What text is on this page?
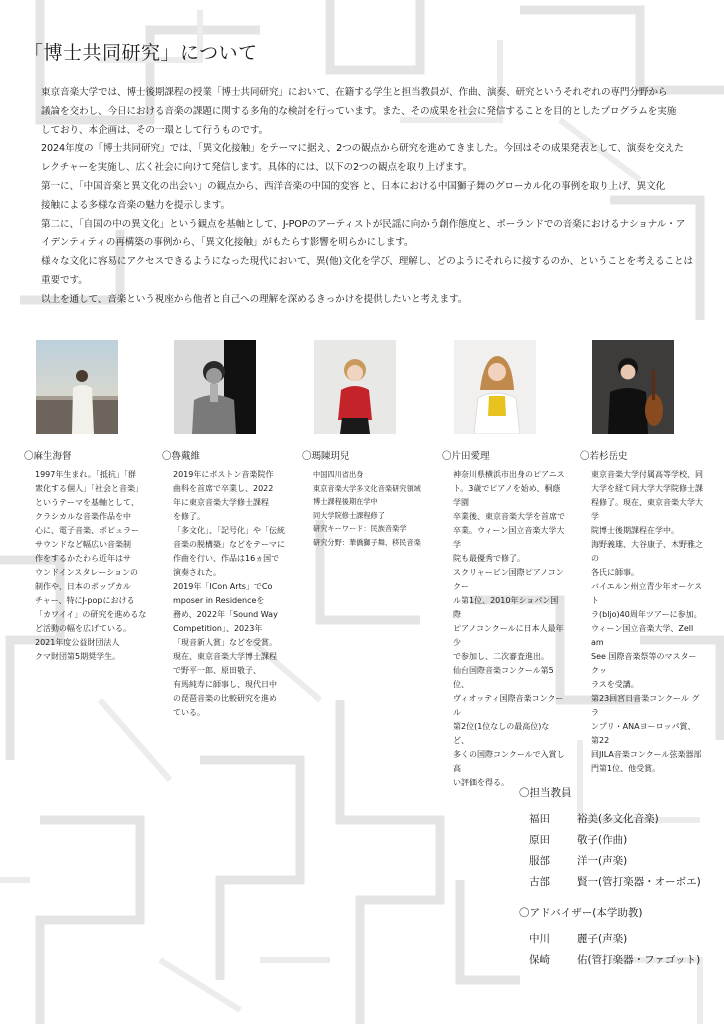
「博士共同研究」について

東京音楽大学では、博士後期課程の授業「博士共同研究」において、在籍する学生と担当教員が、作曲、演奏、研究というそれぞれの専門分野から

議論を交わし、今日における音楽の課題に関する多角的な検討を行っています。また、その成果を社会に発信することを目的としたプログラムを実施

しており、本企画は、その一環として行うものです。

2024年度の「博士共同研究」では、「異文化接触」をテーマに据え、2つの観点から研究を進めてきました。今回はその成果発表として、演奏を交えた

レクチャーを実施し、広く社会に向けて発信します。具体的には、以下の2つの観点を取り上げます。

第一に、「中国音楽と異文化の出会い」の観点から、西洋音楽の中国的変容 と、日本における中国獅子舞のグローカル化の事例を取り上げ、異文化

接触による多様な音楽の魅力を提示します。

第二に、「自国の中の異文化」という観点を基軸として、J-POPのアーティストが民謡に向かう創作態度と、ポーランドでの音楽におけるナショナル・ア

イデンティティの再構築の事例から、「異文化接触」がもたらす影響を明らかにします。

様々な文化に容易にアクセスできるようになった現代において、異(他)文化を学び、理解し、どのようにそれらに接するのか、ということを考えることは

重要です。

以上を通して、音楽という視座から他者と自己への理解を深めるきっかけを提供したいと考えます。

〇麻生海督
1997年生まれ。「抵抗」「群
衆化する個人」「社会と音楽」
というテーマを基軸として、
クラシカルな音楽作品を中
心に、電子音楽、ポピュラー
サウンドなど幅広い音楽制
作をするかたわら近年はサ
ウンドインスタレーションの
制作や、日本のポップカル
チャー、特にJ-popにおける
「カワイイ」の研究を進めるな
ど活動の幅を広げている。
2021年度公益財団法人
クマ財団第5期奨学生。
〇魯戴維
2019年にボストン音楽院作
曲科を首席で卒業し、2022
年に東京音楽大学修士課程
を修了。
「多文化」、「記号化」や「伝統
音楽の脱構築」などをテーマに
作曲を行い、作品は16ヵ国で
演奏された。
2019年「ICon Arts」でCo
mposer in Residenceを
務め、2022年「Sound Way
Competition」、2023年
「現音新人賞」などを受賞。
現在、東京音楽大学博士課程
で野平一郎、原田敬子、
有馬純寿に師事し、現代日中
の琵琶音楽の比較研究を進め
ている。
〇瑪陳玥兒
中国四川省出身
東京音楽大学多文化音楽研究領域
博士課程後期在学中
同大学院修士課程修了
研究キーワード：民族音楽学
研究分野：華僑獅子舞、移民音楽
〇片田愛理
神奈川県横浜市出身のピアニス
ト。3歳でピアノを始め、桐蔭学園
卒業後、東京音楽大学を首席で
卒業。ウィーン国立音楽大学大学
院も最優秀で修了。
スクリャービン国際ピアノコンクー
ル第1位、2010年ショパン国際
ピアノコンクールに日本人最年少
で参加し、二次審査進出。
仙台国際音楽コンクール第5位、
ヴィオッティ国際音楽コンクール
第2位(1位なしの最高位)など、
多くの国際コンクールで入賞し高
い評価を得る。
〇若杉岳史
東京音楽大学付属高等学校、同
大学を経て同大学大学院修士課
程修了。現在、東京音楽大学大学
院博士後期課程在学中。
海野義雄、大谷康子、木野雅之の
各氏に師事。
バイエルン州立青少年オーケスト
ラ(bljo)40周年ツアーに参加。
ウィーン国立音楽大学、Zell am
See 国際音楽祭等のマスタークッ
ラスを受講。
第23回宮日音楽コンクール グラ
ンプリ・ANAヨーロッパ賞、第22
回JILA音楽コンクール弦楽器部
門第1位、他受賞。
〇担当教員
福田	裕美(多文化音楽)
原田	敬子(作曲)
服部	洋一(声楽)
古部	賢一(管打楽器・オーボエ)
〇アドバイザー(本学助教)
中川	麗子(声楽)
保崎	佑(管打楽器・ファゴット)
